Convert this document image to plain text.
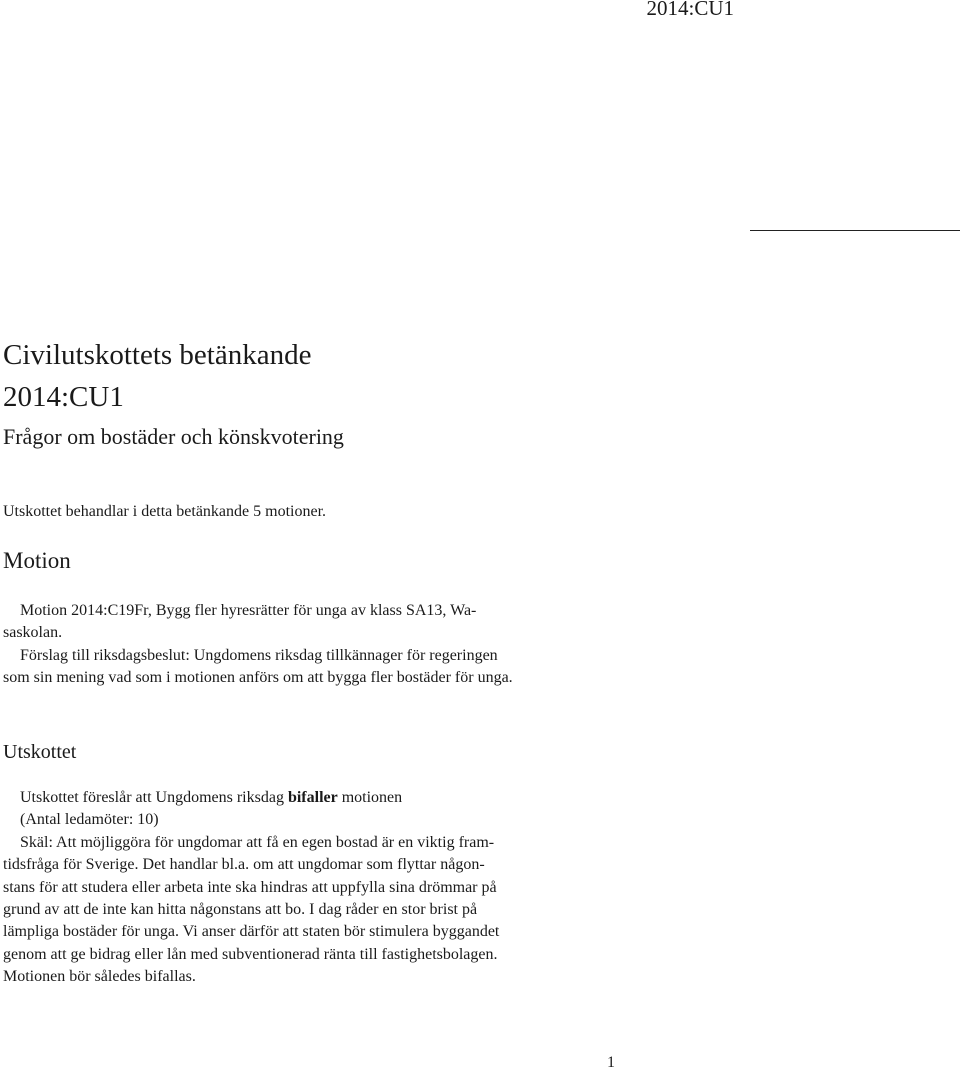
2014:CU1
Civilutskottets betänkande
2014:CU1
Frågor om bostäder och könskvotering
Utskottet behandlar i detta betänkande 5 motioner.
Motion

Motion 2014:C19Fr, Bygg fler hyresrätter för unga av klass SA13, Wa-

saskolan.

Förslag till riksdagsbeslut: Ungdomens riksdag tillkännager för regeringen

som sin mening vad som i motionen anförs om att bygga fler bostäder för unga.

Utskottet

Utskottet föreslår att Ungdomens riksdag bifaller motionen

(Antal ledamöter: 10)

Skäl: Att möjliggöra för ungdomar att få en egen bostad är en viktig fram-

tidsfråga för Sverige. Det handlar bl.a. om att ungdomar som flyttar någon-

stans för att studera eller arbeta inte ska hindras att uppfylla sina drömmar på

grund av att de inte kan hitta någonstans att bo. I dag råder en stor brist på

lämpliga bostäder för unga. Vi anser därför att staten bör stimulera byggandet

genom att ge bidrag eller lån med subventionerad ränta till fastighetsbolagen.

Motionen bör således bifallas.

1
